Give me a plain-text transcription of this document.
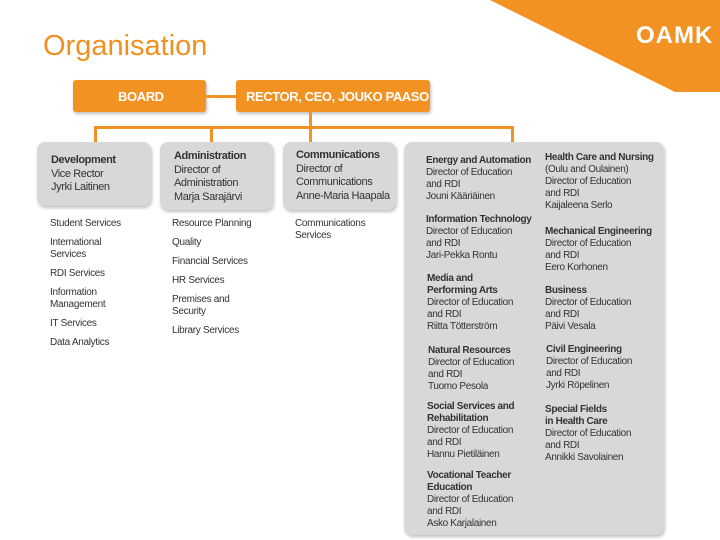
OAMK
Organisation
BOARD	RECTOR, CEO, JOUKO PAASO
Development
Vice Rector
Jyrki Laitinen
Administration
Director of
Administration
Marja Sarajärvi
Communications
Director of
Communications
Anne-Maria Haapala
Student Services
International Services
RDI Services
Information Management
IT Services
Data Analytics
Resource Planning
Quality
Financial Services
HR Services
Premises and Security
Library Services
Communications Services
Energy and Automation
Director of Education
and RDI
Jouni Kääriäinen
Health Care and Nursing
(Oulu and Oulainen)
Director of Education
and RDI
Kaijaleena Serlo
Information Technology
Director of Education
and RDI
Jari-Pekka Rontu
Mechanical Engineering
Director of Education
and RDI
Eero Korhonen
Media and
Performing Arts
Director of Education
and RDI
Riitta Tötterström
Business
Director of Education
and RDI
Päivi Vesala
Natural Resources
Director of Education
and RDI
Tuomo Pesola
Civil Engineering
Director of Education
and RDI
Jyrki Röpelinen
Social Services and
Rehabilitation
Director of Education
and RDI
Hannu Pietiläinen
Special Fields
in Health Care
Director of Education
and RDI
Annikki Savolainen
Vocational Teacher
Education
Director of Education
and RDI
Asko Karjalainen
